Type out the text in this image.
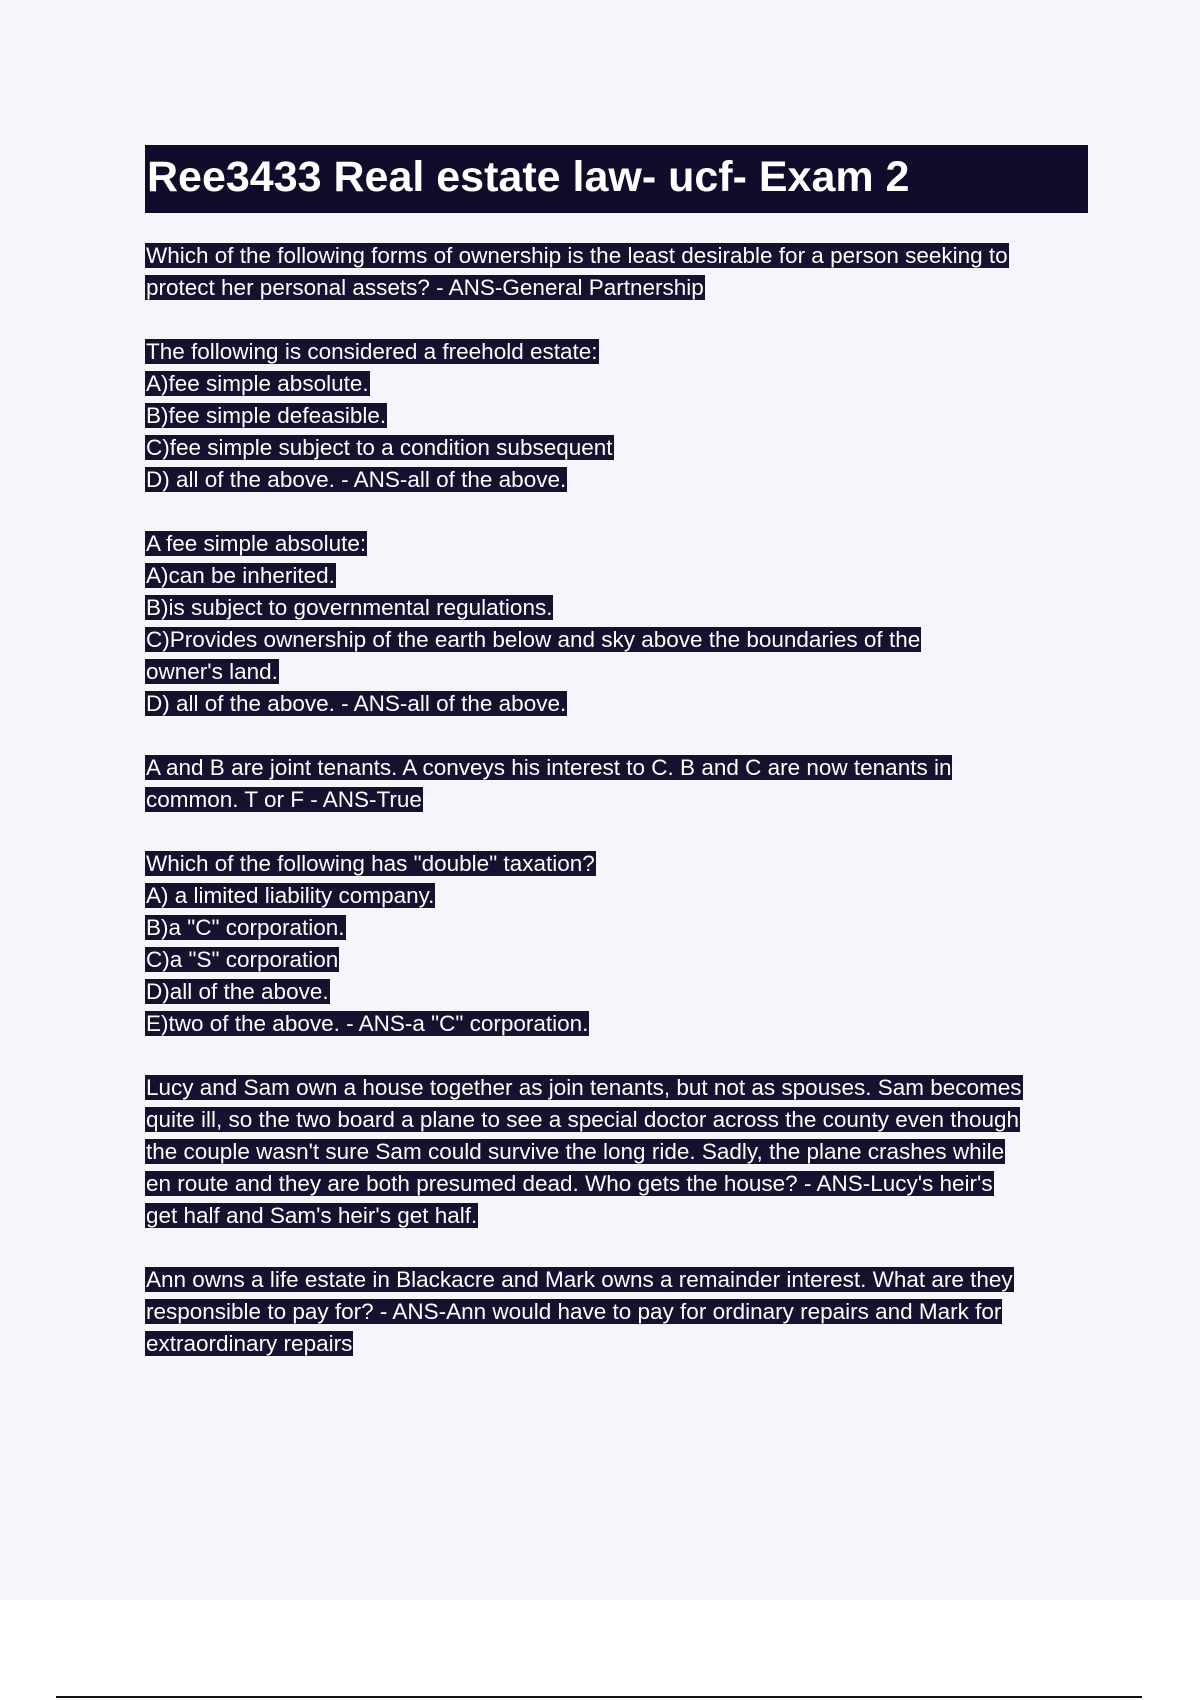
Ree3433 Real estate law- ucf- Exam 2
Which of the following forms of ownership is the least desirable for a person seeking to
protect her personal assets? - ANS-General Partnership
The following is considered a freehold estate:
A)fee simple absolute.
B)fee simple defeasible.
C)fee simple subject to a condition subsequent
D) all of the above. - ANS-all of the above.
A fee simple absolute:
A)can be inherited.
B)is subject to governmental regulations.
C)Provides ownership of the earth below and sky above the boundaries of the
owner's land.
D) all of the above. - ANS-all of the above.
A and B are joint tenants. A conveys his interest to C. B and C are now tenants in
common. T or F - ANS-True
Which of the following has "double" taxation?
A) a limited liability company.
B)a "C" corporation.
C)a "S" corporation
D)all of the above.
E)two of the above. - ANS-a "C" corporation.
Lucy and Sam own a house together as join tenants, but not as spouses. Sam becomes
quite ill, so the two board a plane to see a special doctor across the county even though
the couple wasn't sure Sam could survive the long ride. Sadly, the plane crashes while
en route and they are both presumed dead. Who gets the house? - ANS-Lucy's heir's
get half and Sam's heir's get half.
Ann owns a life estate in Blackacre and Mark owns a remainder interest. What are they
responsible to pay for? - ANS-Ann would have to pay for ordinary repairs and Mark for
extraordinary repairs
